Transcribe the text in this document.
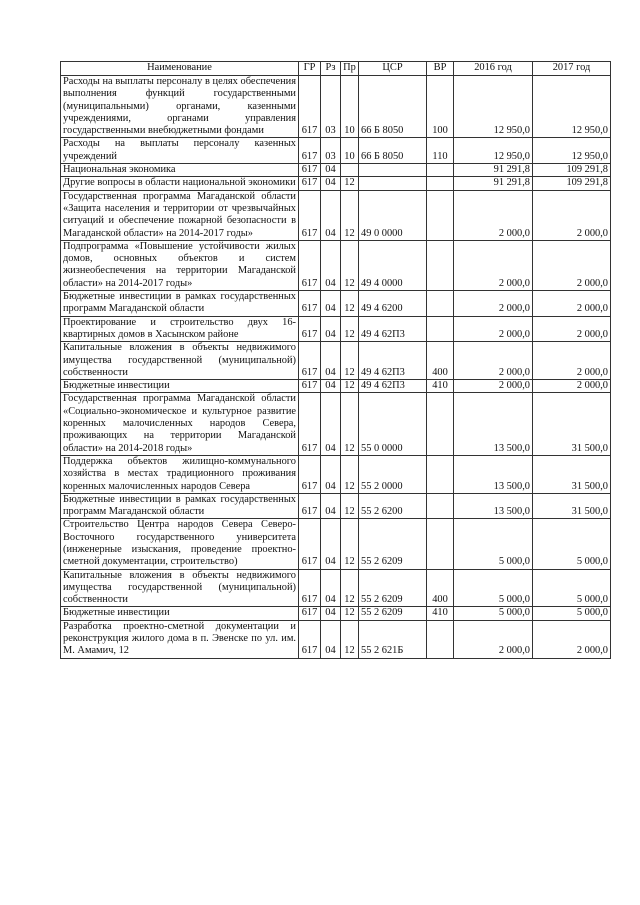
Наименование	ГР	Рз	Пр	ЦСР	ВР	2016 год	2017 год
Расходы на выплаты персоналу в целях обеспечения выполнения функций государственными (муниципальными) органами, казенными учреждениями, органами управления государственными внебюджетными фондами	617	03	10	66 Б 8050	100	12 950,0	12 950,0
Расходы на выплаты персоналу казенных учреждений	617	03	10	66 Б 8050	110	12 950,0	12 950,0
Национальная экономика	617	04				91 291,8	109 291,8
Другие вопросы в области национальной экономики	617	04	12			91 291,8	109 291,8
Государственная программа Магаданской области «Защита населения и территории от чрезвычайных ситуаций и обеспечение пожарной безопасности в Магаданской области» на 2014-2017 годы»	617	04	12	49 0 0000		2 000,0	2 000,0
Подпрограмма «Повышение устойчивости жилых домов, основных объектов и систем жизнеобеспечения на территории Магаданской области» на 2014-2017 годы»	617	04	12	49 4 0000		2 000,0	2 000,0
Бюджетные инвестиции в рамках государственных программ Магаданской области	617	04	12	49 4 6200		2 000,0	2 000,0
Проектирование и строительство двух 16-квартирных домов в Хасынском районе	617	04	12	49 4 62П3		2 000,0	2 000,0
Капитальные вложения в объекты недвижимого имущества государственной (муниципальной) собственности	617	04	12	49 4 62П3	400	2 000,0	2 000,0
Бюджетные инвестиции	617	04	12	49 4 62П3	410	2 000,0	2 000,0
Государственная программа Магаданской области «Социально-экономическое и культурное развитие коренных малочисленных народов Севера, проживающих на территории Магаданской области» на 2014-2018 годы»	617	04	12	55 0 0000		13 500,0	31 500,0
Поддержка объектов жилищно-коммунального хозяйства в местах традиционного проживания коренных малочисленных народов Севера	617	04	12	55 2 0000		13 500,0	31 500,0
Бюджетные инвестиции в рамках государственных программ Магаданской области	617	04	12	55 2 6200		13 500,0	31 500,0
Строительство Центра народов Севера Северо-Восточного государственного университета (инженерные изыскания, проведение проектно-сметной документации, строительство)	617	04	12	55 2 6209		5 000,0	5 000,0
Капитальные вложения в объекты недвижимого имущества государственной (муниципальной) собственности	617	04	12	55 2 6209	400	5 000,0	5 000,0
Бюджетные инвестиции	617	04	12	55 2 6209	410	5 000,0	5 000,0
Разработка проектно-сметной документации и реконструкция жилого дома в п. Эвенске по ул. им. М. Амамич, 12	617	04	12	55 2 621Б		2 000,0	2 000,0
